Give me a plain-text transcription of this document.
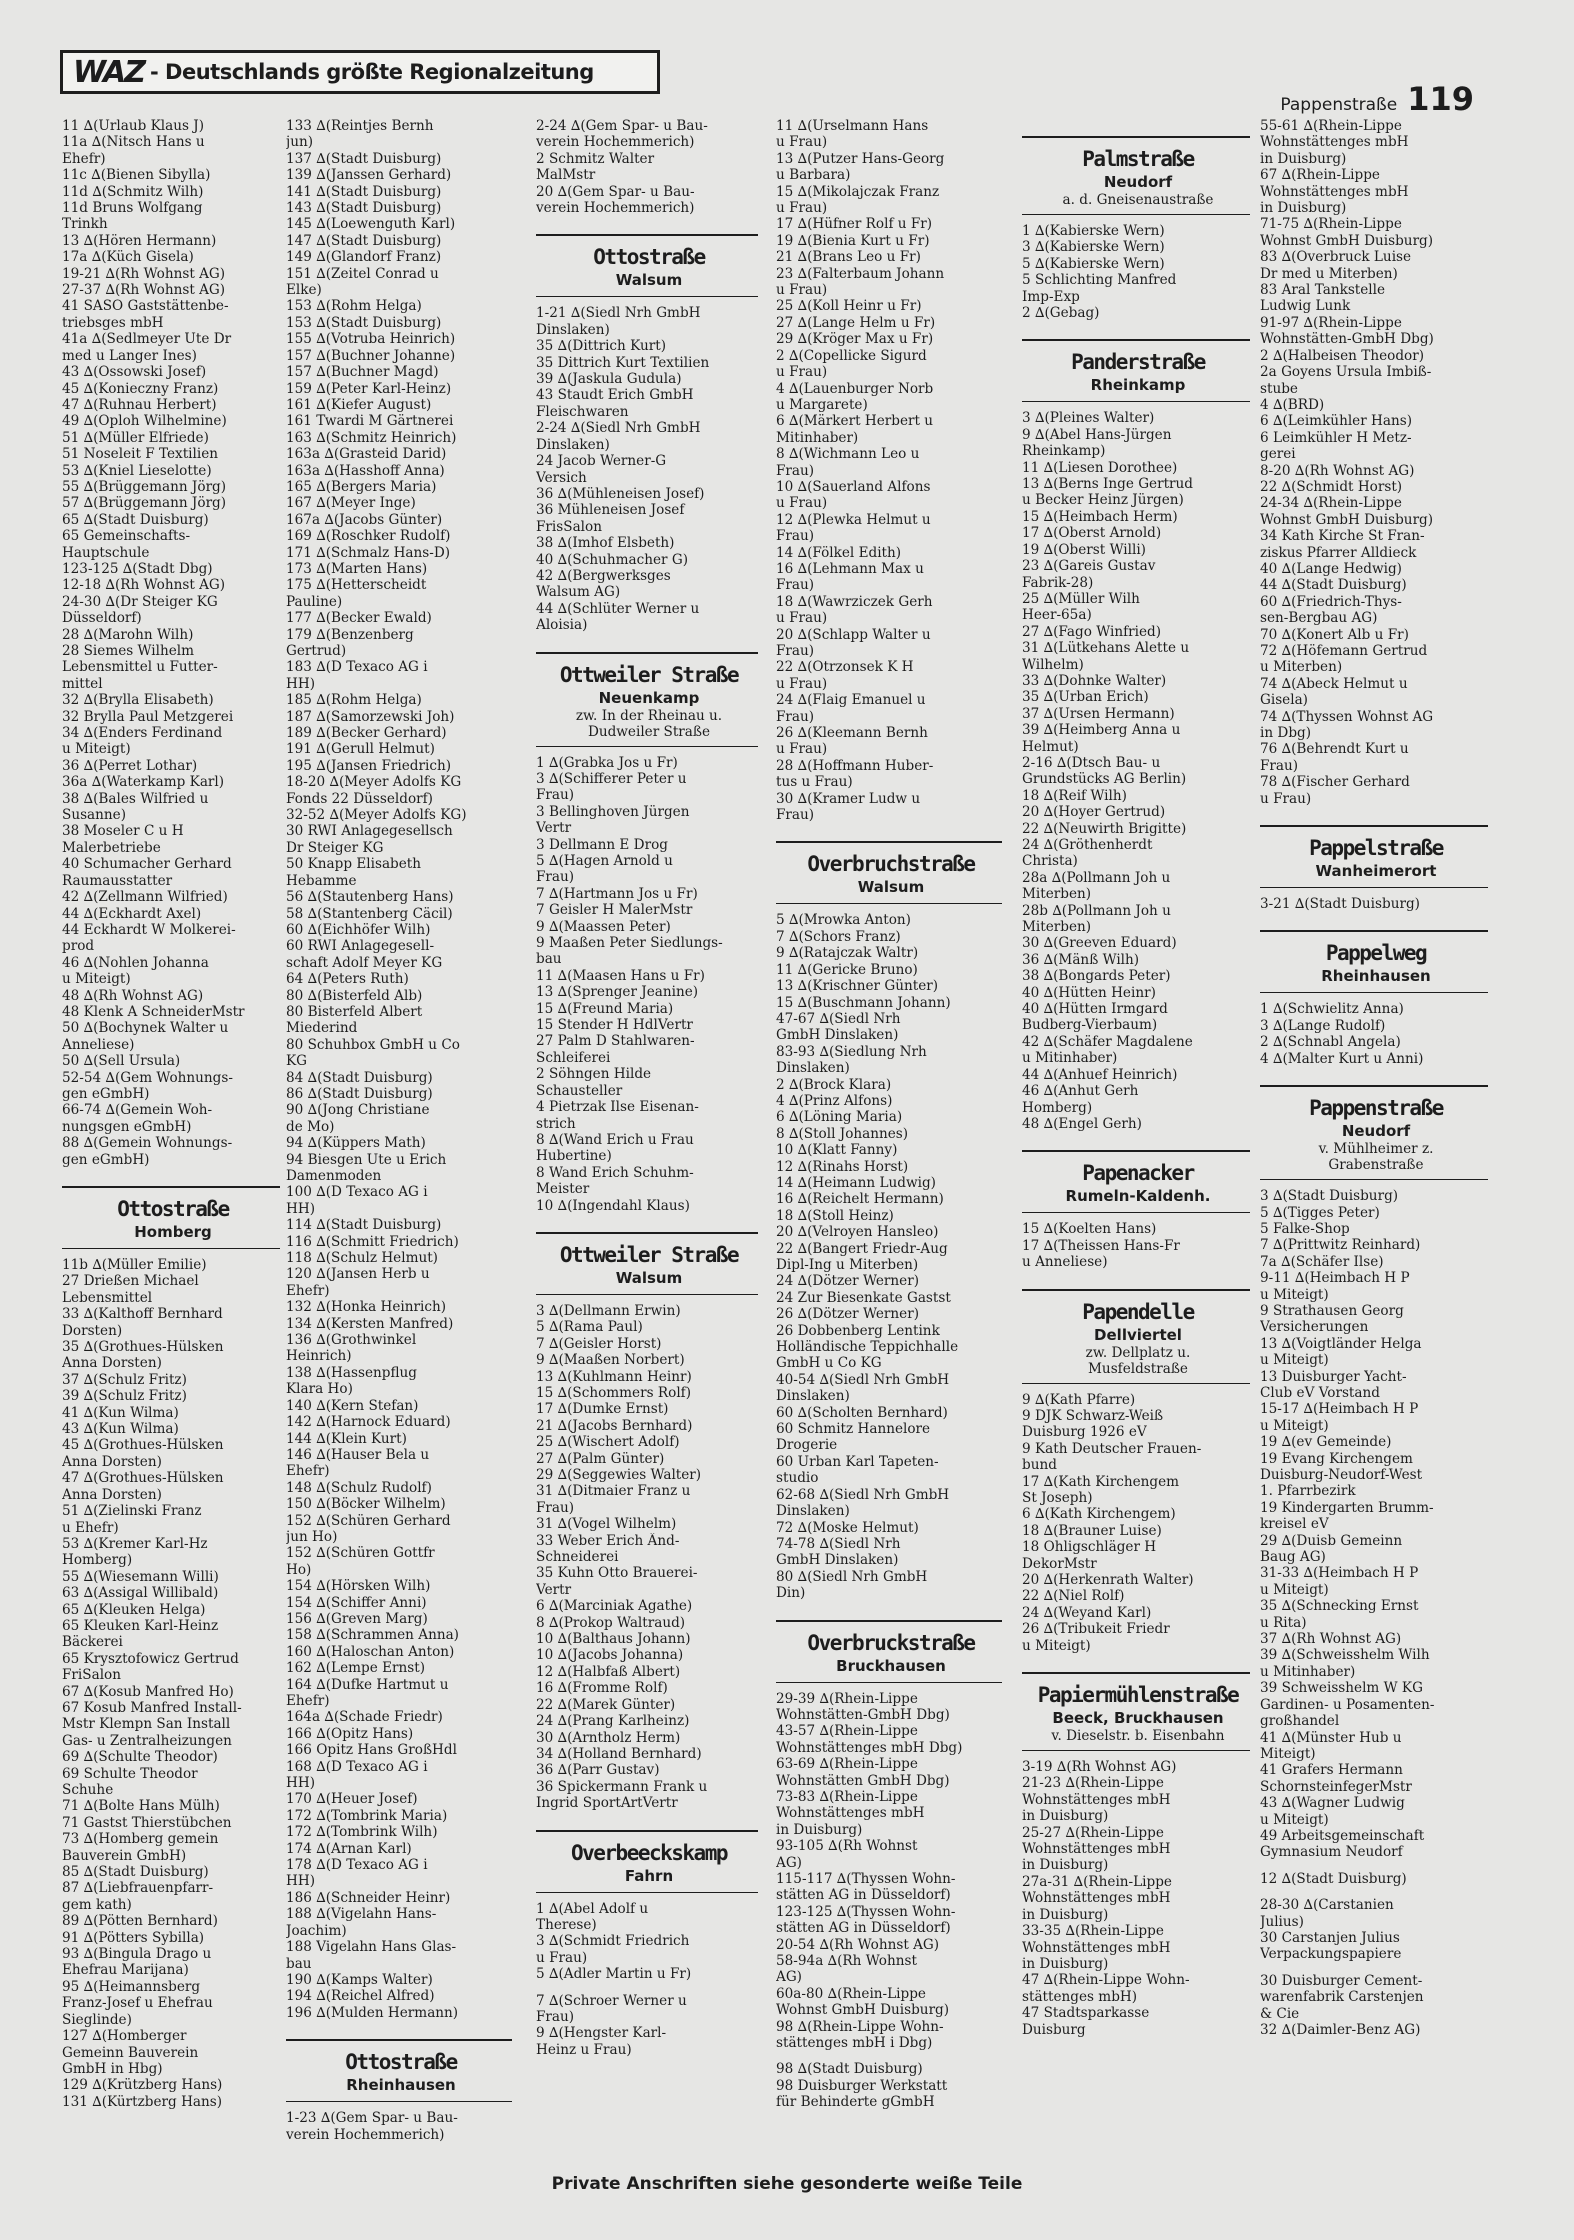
WAZ - Deutschlands größte Regionalzeitung
Pappenstraße 119
11 ∆(Urlaub Klaus J)
11a ∆(Nitsch Hans u
Ehefr)
11c ∆(Bienen Sibylla)
11d ∆(Schmitz Wilh)
11d Bruns Wolfgang
Trinkh
13 ∆(Hören Hermann)
17a ∆(Küch Gisela)
19-21 ∆(Rh Wohnst AG)
27-37 ∆(Rh Wohnst AG)
41 SASO Gaststättenbe-
triebsges mbH
41a ∆(Sedlmeyer Ute Dr
med u Langer Ines)
43 ∆(Ossowski Josef)
45 ∆(Konieczny Franz)
47 ∆(Ruhnau Herbert)
49 ∆(Oploh Wilhelmine)
51 ∆(Müller Elfriede)
51 Noseleit F Textilien
53 ∆(Kniel Lieselotte)
55 ∆(Brüggemann Jörg)
57 ∆(Brüggemann Jörg)
65 ∆(Stadt Duisburg)
65 Gemeinschafts-
Hauptschule
123-125 ∆(Stadt Dbg)
12-18 ∆(Rh Wohnst AG)
24-30 ∆(Dr Steiger KG
Düsseldorf)
28 ∆(Marohn Wilh)
28 Siemes Wilhelm
Lebensmittel u Futter-
mittel
32 ∆(Brylla Elisabeth)
32 Brylla Paul Metzgerei
34 ∆(Enders Ferdinand
u Miteigt)
36 ∆(Perret Lothar)
36a ∆(Waterkamp Karl)
38 ∆(Bales Wilfried u
Susanne)
38 Moseler C u H
Malerbetriebe
40 Schumacher Gerhard
Raumausstatter
42 ∆(Zellmann Wilfried)
44 ∆(Eckhardt Axel)
44 Eckhardt W Molkerei-
prod
46 ∆(Nohlen Johanna
u Miteigt)
48 ∆(Rh Wohnst AG)
48 Klenk A SchneiderMstr
50 ∆(Bochynek Walter u
Anneliese)
50 ∆(Sell Ursula)
52-54 ∆(Gem Wohnungs-
gen eGmbH)
66-74 ∆(Gemein Woh-
nungsgen eGmbH)
88 ∆(Gemein Wohnungs-
gen eGmbH)
Ottostraße
Homberg
11b ∆(Müller Emilie)
27 Drießen Michael
Lebensmittel
33 ∆(Kalthoff Bernhard
Dorsten)
35 ∆(Grothues-Hülsken
Anna Dorsten)
37 ∆(Schulz Fritz)
39 ∆(Schulz Fritz)
41 ∆(Kun Wilma)
43 ∆(Kun Wilma)
45 ∆(Grothues-Hülsken
Anna Dorsten)
47 ∆(Grothues-Hülsken
Anna Dorsten)
51 ∆(Zielinski Franz
u Ehefr)
53 ∆(Kremer Karl-Hz
Homberg)
55 ∆(Wiesemann Willi)
63 ∆(Assigal Willibald)
65 ∆(Kleuken Helga)
65 Kleuken Karl-Heinz
Bäckerei
65 Krysztofowicz Gertrud
FriSalon
67 ∆(Kosub Manfred Ho)
67 Kosub Manfred Install-
Mstr Klempn San Install
Gas- u Zentralheizungen
69 ∆(Schulte Theodor)
69 Schulte Theodor
Schuhe
71 ∆(Bolte Hans Mülh)
71 Gastst Thierstübchen
73 ∆(Homberg gemein
Bauverein GmbH)
85 ∆(Stadt Duisburg)
87 ∆(Liebfrauenpfarr-
gem kath)
89 ∆(Pötten Bernhard)
91 ∆(Pötters Sybilla)
93 ∆(Bingula Drago u
Ehefrau Marijana)
95 ∆(Heimannsberg
Franz-Josef u Ehefrau
Sieglinde)
127 ∆(Homberger
Gemeinn Bauverein
GmbH in Hbg)
129 ∆(Krützberg Hans)
131 ∆(Kürtzberg Hans)
133 ∆(Reintjes Bernh
jun)
137 ∆(Stadt Duisburg)
139 ∆(Janssen Gerhard)
141 ∆(Stadt Duisburg)
143 ∆(Stadt Duisburg)
145 ∆(Loewenguth Karl)
147 ∆(Stadt Duisburg)
149 ∆(Glandorf Franz)
151 ∆(Zeitel Conrad u
Elke)
153 ∆(Rohm Helga)
153 ∆(Stadt Duisburg)
155 ∆(Votruba Heinrich)
157 ∆(Buchner Johanne)
157 ∆(Buchner Magd)
159 ∆(Peter Karl-Heinz)
161 ∆(Kiefer August)
161 Twardi M Gärtnerei
163 ∆(Schmitz Heinrich)
163a ∆(Grasteid Darid)
163a ∆(Hasshoff Anna)
165 ∆(Bergers Maria)
167 ∆(Meyer Inge)
167a ∆(Jacobs Günter)
169 ∆(Roschker Rudolf)
171 ∆(Schmalz Hans-D)
173 ∆(Marten Hans)
175 ∆(Hetterscheidt
Pauline)
177 ∆(Becker Ewald)
179 ∆(Benzenberg
Gertrud)
183 ∆(D Texaco AG i
HH)
185 ∆(Rohm Helga)
187 ∆(Samorzewski Joh)
189 ∆(Becker Gerhard)
191 ∆(Gerull Helmut)
195 ∆(Jansen Friedrich)
18-20 ∆(Meyer Adolfs KG
Fonds 22 Düsseldorf)
32-52 ∆(Meyer Adolfs KG)
30 RWI Anlagegesellsch
Dr Steiger KG
50 Knapp Elisabeth
Hebamme
56 ∆(Stautenberg Hans)
58 ∆(Stantenberg Cäcil)
60 ∆(Eichhöfer Wilh)
60 RWI Anlagegesell-
schaft Adolf Meyer KG
64 ∆(Peters Ruth)
80 ∆(Bisterfeld Alb)
80 Bisterfeld Albert
Miederind
80 Schuhbox GmbH u Co
KG
84 ∆(Stadt Duisburg)
86 ∆(Stadt Duisburg)
90 ∆(Jong Christiane
de Mo)
94 ∆(Küppers Math)
94 Biesgen Ute u Erich
Damenmoden
100 ∆(D Texaco AG i
HH)
114 ∆(Stadt Duisburg)
116 ∆(Schmitt Friedrich)
118 ∆(Schulz Helmut)
120 ∆(Jansen Herb u
Ehefr)
132 ∆(Honka Heinrich)
134 ∆(Kersten Manfred)
136 ∆(Grothwinkel
Heinrich)
138 ∆(Hassenpflug
Klara Ho)
140 ∆(Kern Stefan)
142 ∆(Harnock Eduard)
144 ∆(Klein Kurt)
146 ∆(Hauser Bela u
Ehefr)
148 ∆(Schulz Rudolf)
150 ∆(Böcker Wilhelm)
152 ∆(Schüren Gerhard
jun Ho)
152 ∆(Schüren Gottfr
Ho)
154 ∆(Hörsken Wilh)
154 ∆(Schiffer Anni)
156 ∆(Greven Marg)
158 ∆(Schrammen Anna)
160 ∆(Haloschan Anton)
162 ∆(Lempe Ernst)
164 ∆(Dufke Hartmut u
Ehefr)
164a ∆(Schade Friedr)
166 ∆(Opitz Hans)
166 Opitz Hans GroßHdl
168 ∆(D Texaco AG i
HH)
170 ∆(Heuer Josef)
172 ∆(Tombrink Maria)
172 ∆(Tombrink Wilh)
174 ∆(Arnan Karl)
178 ∆(D Texaco AG i
HH)
186 ∆(Schneider Heinr)
188 ∆(Vigelahn Hans-
Joachim)
188 Vigelahn Hans Glas-
bau
190 ∆(Kamps Walter)
194 ∆(Reichel Alfred)
196 ∆(Mulden Hermann)
Ottostraße
Rheinhausen
1-23 ∆(Gem Spar- u Bau-
verein Hochemmerich)
2-24 ∆(Gem Spar- u Bau-
verein Hochemmerich)
2 Schmitz Walter
MalMstr
20 ∆(Gem Spar- u Bau-
verein Hochemmerich)
Ottostraße
Walsum
1-21 ∆(Siedl Nrh GmbH
Dinslaken)
35 ∆(Dittrich Kurt)
35 Dittrich Kurt Textilien
39 ∆(Jaskula Gudula)
43 Staudt Erich GmbH
Fleischwaren
2-24 ∆(Siedl Nrh GmbH
Dinslaken)
24 Jacob Werner-G
Versich
36 ∆(Mühleneisen Josef)
36 Mühleneisen Josef
FrisSalon
38 ∆(Imhof Elsbeth)
40 ∆(Schuhmacher G)
42 ∆(Bergwerksges
Walsum AG)
44 ∆(Schlüter Werner u
Aloisia)
Ottweiler Straße
Neuenkamp
zw. In der Rheinau u.
Dudweiler Straße
1 ∆(Grabka Jos u Fr)
3 ∆(Schifferer Peter u
Frau)
3 Bellinghoven Jürgen
Vertr
3 Dellmann E Drog
5 ∆(Hagen Arnold u
Frau)
7 ∆(Hartmann Jos u Fr)
7 Geisler H MalerMstr
9 ∆(Maassen Peter)
9 Maaßen Peter Siedlungs-
bau
11 ∆(Maasen Hans u Fr)
13 ∆(Sprenger Jeanine)
15 ∆(Freund Maria)
15 Stender H HdlVertr
27 Palm D Stahlwaren-
Schleiferei
2 Söhngen Hilde
Schausteller
4 Pietrzak Ilse Eisenan-
strich
8 ∆(Wand Erich u Frau
Hubertine)
8 Wand Erich Schuhm-
Meister
10 ∆(Ingendahl Klaus)
Ottweiler Straße
Walsum
3 ∆(Dellmann Erwin)
5 ∆(Rama Paul)
7 ∆(Geisler Horst)
9 ∆(Maaßen Norbert)
13 ∆(Kuhlmann Heinr)
15 ∆(Schommers Rolf)
17 ∆(Dumke Ernst)
21 ∆(Jacobs Bernhard)
25 ∆(Wischert Adolf)
27 ∆(Palm Günter)
29 ∆(Seggewies Walter)
31 ∆(Ditmaier Franz u
Frau)
31 ∆(Vogel Wilhelm)
33 Weber Erich Änd-
Schneiderei
35 Kuhn Otto Brauerei-
Vertr
6 ∆(Marciniak Agathe)
8 ∆(Prokop Waltraud)
10 ∆(Balthaus Johann)
10 ∆(Jacobs Johanna)
12 ∆(Halbfaß Albert)
16 ∆(Fromme Rolf)
22 ∆(Marek Günter)
24 ∆(Prang Karlheinz)
30 ∆(Arntholz Herm)
34 ∆(Holland Bernhard)
36 ∆(Parr Gustav)
36 Spickermann Frank u
Ingrid SportArtVertr
Overbeeckskamp
Fahrn
1 ∆(Abel Adolf u
Therese)
3 ∆(Schmidt Friedrich
u Frau)
5 ∆(Adler Martin u Fr)
7 ∆(Schroer Werner u
Frau)
9 ∆(Hengster Karl-
Heinz u Frau)
11 ∆(Urselmann Hans
u Frau)
13 ∆(Putzer Hans-Georg
u Barbara)
15 ∆(Mikolajczak Franz
u Frau)
17 ∆(Hüfner Rolf u Fr)
19 ∆(Bienia Kurt u Fr)
21 ∆(Brans Leo u Fr)
23 ∆(Falterbaum Johann
u Frau)
25 ∆(Koll Heinr u Fr)
27 ∆(Lange Helm u Fr)
29 ∆(Kröger Max u Fr)
2 ∆(Copellicke Sigurd
u Frau)
4 ∆(Lauenburger Norb
u Margarete)
6 ∆(Märkert Herbert u
Mitinhaber)
8 ∆(Wichmann Leo u
Frau)
10 ∆(Sauerland Alfons
u Frau)
12 ∆(Plewka Helmut u
Frau)
14 ∆(Fölkel Edith)
16 ∆(Lehmann Max u
Frau)
18 ∆(Wawrziczek Gerh
u Frau)
20 ∆(Schlapp Walter u
Frau)
22 ∆(Otrzonsek K H
u Frau)
24 ∆(Flaig Emanuel u
Frau)
26 ∆(Kleemann Bernh
u Frau)
28 ∆(Hoffmann Huber-
tus u Frau)
30 ∆(Kramer Ludw u
Frau)
Overbruchstraße
Walsum
5 ∆(Mrowka Anton)
7 ∆(Schors Franz)
9 ∆(Ratajczak Waltr)
11 ∆(Gericke Bruno)
13 ∆(Krischner Günter)
15 ∆(Buschmann Johann)
47-67 ∆(Siedl Nrh
GmbH Dinslaken)
83-93 ∆(Siedlung Nrh
Dinslaken)
2 ∆(Brock Klara)
4 ∆(Prinz Alfons)
6 ∆(Löning Maria)
8 ∆(Stoll Johannes)
10 ∆(Klatt Fanny)
12 ∆(Rinahs Horst)
14 ∆(Heimann Ludwig)
16 ∆(Reichelt Hermann)
18 ∆(Stoll Heinz)
20 ∆(Velroyen Hansleo)
22 ∆(Bangert Friedr-Aug
Dipl-Ing u Miterben)
24 ∆(Dötzer Werner)
24 Zur Biesenkate Gastst
26 ∆(Dötzer Werner)
26 Dobbenberg Lentink
Holländische Teppichhalle
GmbH u Co KG
40-54 ∆(Siedl Nrh GmbH
Dinslaken)
60 ∆(Scholten Bernhard)
60 Schmitz Hannelore
Drogerie
60 Urban Karl Tapeten-
studio
62-68 ∆(Siedl Nrh GmbH
Dinslaken)
72 ∆(Moske Helmut)
74-78 ∆(Siedl Nrh
GmbH Dinslaken)
80 ∆(Siedl Nrh GmbH
Din)
Overbruckstraße
Bruckhausen
29-39 ∆(Rhein-Lippe
Wohnstätten-GmbH Dbg)
43-57 ∆(Rhein-Lippe
Wohnstättenges mbH Dbg)
63-69 ∆(Rhein-Lippe
Wohnstätten GmbH Dbg)
73-83 ∆(Rhein-Lippe
Wohnstättenges mbH
in Duisburg)
93-105 ∆(Rh Wohnst
AG)
115-117 ∆(Thyssen Wohn-
stätten AG in Düsseldorf)
123-125 ∆(Thyssen Wohn-
stätten AG in Düsseldorf)
20-54 ∆(Rh Wohnst AG)
58-94a ∆(Rh Wohnst
AG)
60a-80 ∆(Rhein-Lippe
Wohnst GmbH Duisburg)
98 ∆(Rhein-Lippe Wohn-
stättenges mbH i Dbg)
98 ∆(Stadt Duisburg)
98 Duisburger Werkstatt
für Behinderte gGmbH
Palmstraße
Neudorf
a. d. Gneisenaustraße
1 ∆(Kabierske Wern)
3 ∆(Kabierske Wern)
5 ∆(Kabierske Wern)
5 Schlichting Manfred
Imp-Exp
2 ∆(Gebag)
Panderstraße
Rheinkamp
3 ∆(Pleines Walter)
9 ∆(Abel Hans-Jürgen
Rheinkamp)
11 ∆(Liesen Dorothee)
13 ∆(Berns Inge Gertrud
u Becker Heinz Jürgen)
15 ∆(Heimbach Herm)
17 ∆(Oberst Arnold)
19 ∆(Oberst Willi)
23 ∆(Gareis Gustav
Fabrik-28)
25 ∆(Müller Wilh
Heer-65a)
27 ∆(Fago Winfried)
31 ∆(Lütkehans Alette u
Wilhelm)
33 ∆(Dohnke Walter)
35 ∆(Urban Erich)
37 ∆(Ursen Hermann)
39 ∆(Heimberg Anna u
Helmut)
2-16 ∆(Dtsch Bau- u
Grundstücks AG Berlin)
18 ∆(Reif Wilh)
20 ∆(Hoyer Gertrud)
22 ∆(Neuwirth Brigitte)
24 ∆(Gröthenherdt
Christa)
28a ∆(Pollmann Joh u
Miterben)
28b ∆(Pollmann Joh u
Miterben)
30 ∆(Greeven Eduard)
36 ∆(Mänß Wilh)
38 ∆(Bongards Peter)
40 ∆(Hütten Heinr)
40 ∆(Hütten Irmgard
Budberg-Vierbaum)
42 ∆(Schäfer Magdalene
u Mitinhaber)
44 ∆(Anhuef Heinrich)
46 ∆(Anhut Gerh
Homberg)
48 ∆(Engel Gerh)
Papenacker
Rumeln-Kaldenh.
15 ∆(Koelten Hans)
17 ∆(Theissen Hans-Fr
u Anneliese)
Papendelle
Dellviertel
zw. Dellplatz u.
Musfeldstraße
9 ∆(Kath Pfarre)
9 DJK Schwarz-Weiß
Duisburg 1926 eV
9 Kath Deutscher Frauen-
bund
17 ∆(Kath Kirchengem
St Joseph)
6 ∆(Kath Kirchengem)
18 ∆(Brauner Luise)
18 Ohligschläger H
DekorMstr
20 ∆(Herkenrath Walter)
22 ∆(Niel Rolf)
24 ∆(Weyand Karl)
26 ∆(Tribukeit Friedr
u Miteigt)
Papiermühlenstraße
Beeck, Bruckhausen
v. Dieselstr. b. Eisenbahn
3-19 ∆(Rh Wohnst AG)
21-23 ∆(Rhein-Lippe
Wohnstättenges mbH
in Duisburg)
25-27 ∆(Rhein-Lippe
Wohnstättenges mbH
in Duisburg)
27a-31 ∆(Rhein-Lippe
Wohnstättenges mbH
in Duisburg)
33-35 ∆(Rhein-Lippe
Wohnstättenges mbH
in Duisburg)
47 ∆(Rhein-Lippe Wohn-
stättenges mbH)
47 Stadtsparkasse
Duisburg
55-61 ∆(Rhein-Lippe
Wohnstättenges mbH
in Duisburg)
67 ∆(Rhein-Lippe
Wohnstättenges mbH
in Duisburg)
71-75 ∆(Rhein-Lippe
Wohnst GmbH Duisburg)
83 ∆(Overbruck Luise
Dr med u Miterben)
83 Aral Tankstelle
Ludwig Lunk
91-97 ∆(Rhein-Lippe
Wohnstätten-GmbH Dbg)
2 ∆(Halbeisen Theodor)
2a Goyens Ursula Imbiß-
stube
4 ∆(BRD)
6 ∆(Leimkühler Hans)
6 Leimkühler H Metz-
gerei
8-20 ∆(Rh Wohnst AG)
22 ∆(Schmidt Horst)
24-34 ∆(Rhein-Lippe
Wohnst GmbH Duisburg)
34 Kath Kirche St Fran-
ziskus Pfarrer Alldieck
40 ∆(Lange Hedwig)
44 ∆(Stadt Duisburg)
60 ∆(Friedrich-Thys-
sen-Bergbau AG)
70 ∆(Konert Alb u Fr)
72 ∆(Höfemann Gertrud
u Miterben)
74 ∆(Abeck Helmut u
Gisela)
74 ∆(Thyssen Wohnst AG
in Dbg)
76 ∆(Behrendt Kurt u
Frau)
78 ∆(Fischer Gerhard
u Frau)
Pappelstraße
Wanheimerort
3-21 ∆(Stadt Duisburg)
Pappelweg
Rheinhausen
1 ∆(Schwielitz Anna)
3 ∆(Lange Rudolf)
2 ∆(Schnabl Angela)
4 ∆(Malter Kurt u Anni)
Pappenstraße
Neudorf
v. Mühlheimer z.
Grabenstraße
3 ∆(Stadt Duisburg)
5 ∆(Tigges Peter)
5 Falke-Shop
7 ∆(Prittwitz Reinhard)
7a ∆(Schäfer Ilse)
9-11 ∆(Heimbach H P
u Miteigt)
9 Strathausen Georg
Versicherungen
13 ∆(Voigtländer Helga
u Miteigt)
13 Duisburger Yacht-
Club eV Vorstand
15-17 ∆(Heimbach H P
u Miteigt)
19 ∆(ev Gemeinde)
19 Evang Kirchengem
Duisburg-Neudorf-West
1. Pfarrbezirk
19 Kindergarten Brumm-
kreisel eV
29 ∆(Duisb Gemeinn
Baug AG)
31-33 ∆(Heimbach H P
u Miteigt)
35 ∆(Schnecking Ernst
u Rita)
37 ∆(Rh Wohnst AG)
39 ∆(Schweisshelm Wilh
u Mitinhaber)
39 Schweisshelm W KG
Gardinen- u Posamenten-
großhandel
41 ∆(Münster Hub u
Miteigt)
41 Grafers Hermann
SchornsteinfegerMstr
43 ∆(Wagner Ludwig
u Miteigt)
49 Arbeitsgemeinschaft
Gymnasium Neudorf
12 ∆(Stadt Duisburg)
28-30 ∆(Carstanien
Julius)
30 Carstanjen Julius
Verpackungspapiere
30 Duisburger Cement-
warenfabrik Carstenjen
& Cie
32 ∆(Daimler-Benz AG)
Private Anschriften siehe gesonderte weiße Teile
